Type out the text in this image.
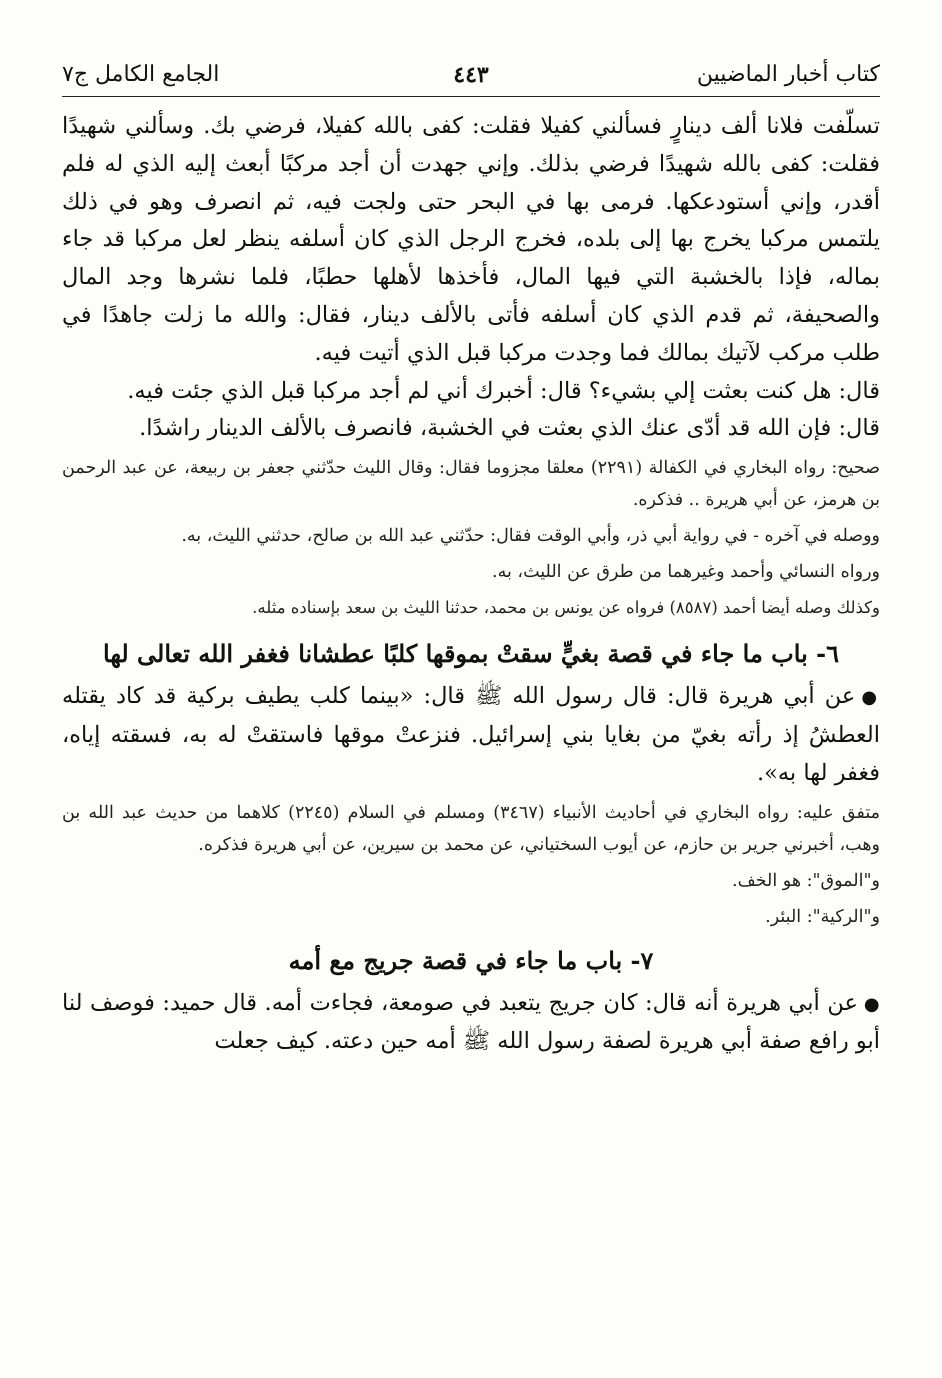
كتاب أخبار الماضيين
٤٤٣
الجامع الكامل ج٧

تسلّفت فلانا ألف دينارٍ فسألني كفيلا فقلت: كفى بالله كفيلا، فرضي بك. وسألني شهيدًا فقلت: كفى بالله شهيدًا فرضي بذلك. وإني جهدت أن أجد مركبًا أبعث إليه الذي له فلم أقدر، وإني أستودعكها. فرمى بها في البحر حتى ولجت فيه، ثم انصرف وهو في ذلك يلتمس مركبا يخرج بها إلى بلده، فخرج الرجل الذي كان أسلفه ينظر لعل مركبا قد جاء بماله، فإذا بالخشبة التي فيها المال، فأخذها لأهلها حطبًا، فلما نشرها وجد المال والصحيفة، ثم قدم الذي كان أسلفه فأتى بالألف دينار، فقال: والله ما زلت جاهدًا في طلب مركب لآتيك بمالك فما وجدت مركبا قبل الذي أتيت فيه.

قال: هل كنت بعثت إلي بشيء؟ قال: أخبرك أني لم أجد مركبا قبل الذي جئت فيه.

قال: فإن الله قد أدّى عنك الذي بعثت في الخشبة، فانصرف بالألف الدينار راشدًا.

صحيح: رواه البخاري في الكفالة (٢٢٩١) معلقا مجزوما فقال: وقال الليث حدّثني جعفر بن ربيعة، عن عبد الرحمن بن هرمز، عن أبي هريرة .. فذكره.

ووصله في آخره - في رواية أبي ذر، وأبي الوقت فقال: حدّثني عبد الله بن صالح، حدثني الليث، به.

ورواه النسائي وأحمد وغيرهما من طرق عن الليث، به.

وكذلك وصله أيضا أحمد (٨٥٨٧) فرواه عن يونس بن محمد، حدثنا الليث بن سعد بإسناده مثله.

٦- باب ما جاء في قصة بغيٍّ سقتْ بموقها كلبًا عطشانا فغفر الله تعالى لها

●عن أبي هريرة قال: قال رسول الله ﷺ قال: «بينما كلب يطيف بركية قد كاد يقتله العطشُ إذ رأته بغيّ من بغايا بني إسرائيل. فنزعتْ موقها فاستقتْ له به، فسقته إياه، فغفر لها به».

متفق عليه: رواه البخاري في أحاديث الأنبياء (٣٤٦٧) ومسلم في السلام (٢٢٤٥) كلاهما من حديث عبد الله بن وهب، أخبرني جرير بن حازم، عن أيوب السختياني، عن محمد بن سيرين، عن أبي هريرة فذكره.

و"الموق": هو الخف.

و"الركية": البئر.

٧- باب ما جاء في قصة جريج مع أمه

●عن أبي هريرة أنه قال: كان جريج يتعبد في صومعة، فجاءت أمه. قال حميد: فوصف لنا أبو رافع صفة أبي هريرة لصفة رسول الله ﷺ أمه حين دعته. كيف جعلت
